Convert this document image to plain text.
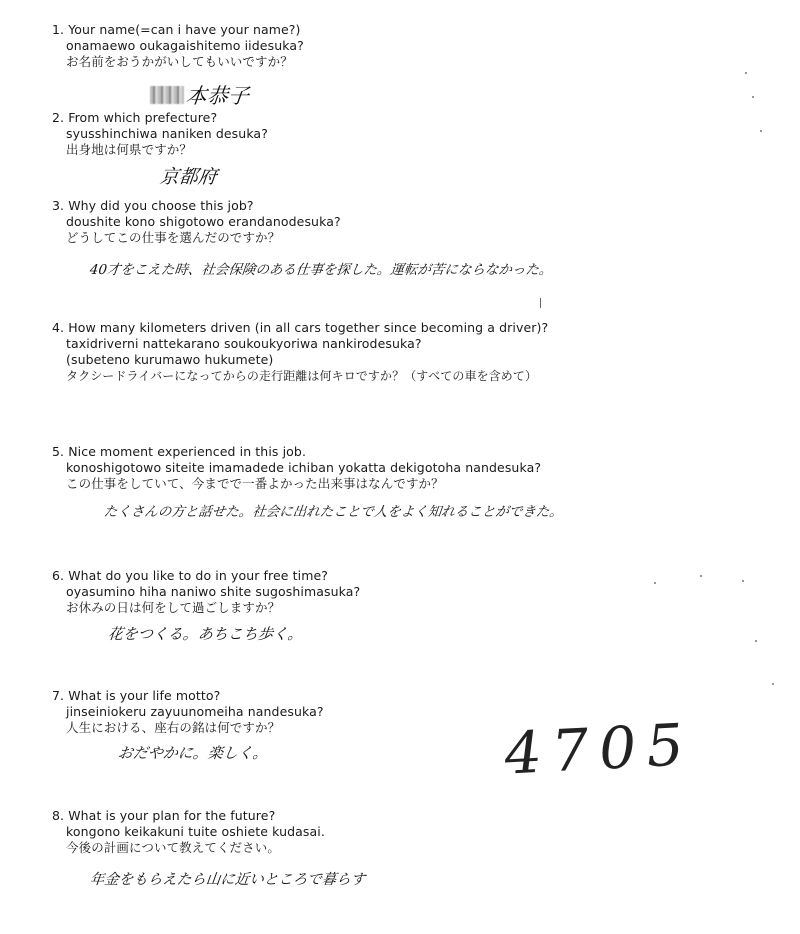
1. Your name(=can i have your name?)
onamaewo oukagaishitemo iidesuka?
お名前をおうかがいしてもいいですか？
本恭子
2. From which prefecture?
syusshinchiwa naniken desuka?
出身地は何県ですか？
京都府
3. Why did you choose this job?
doushite kono shigotowo erandanodesuka?
どうしてこの仕事を選んだのですか？
40才をこえた時、社会保険のある仕事を探した。運転が苦にならなかった。
4. How many kilometers driven (in all cars together since becoming a driver)?
taxidriverni nattekarano soukoukyoriwa nankirodesuka?
(subeteno kurumawo hukumete)
タクシードライバーになってからの走行距離は何キロですか？（すべての車を含めて）
5. Nice moment experienced in this job.
konoshigotowo siteite imamadede ichiban yokatta dekigotoha nandesuka?
この仕事をしていて、今までで一番よかった出来事はなんですか？
たくさんの方と話せた。社会に出れたことで人をよく知れることができた。
6. What do you like to do in your free time?
oyasumino hiha naniwo shite sugoshimasuka?
お休みの日は何をして過ごしますか？
花をつくる。あちこち歩く。
7. What is your life motto?
jinseiniokeru zayuunomeiha nandesuka?
人生における、座右の銘は何ですか？
おだやかに。楽しく。	4705
8. What is your plan for the future?
kongono keikakuni tuite oshiete kudasai.
今後の計画について教えてください。
年金をもらえたら山に近いところで暮らす
